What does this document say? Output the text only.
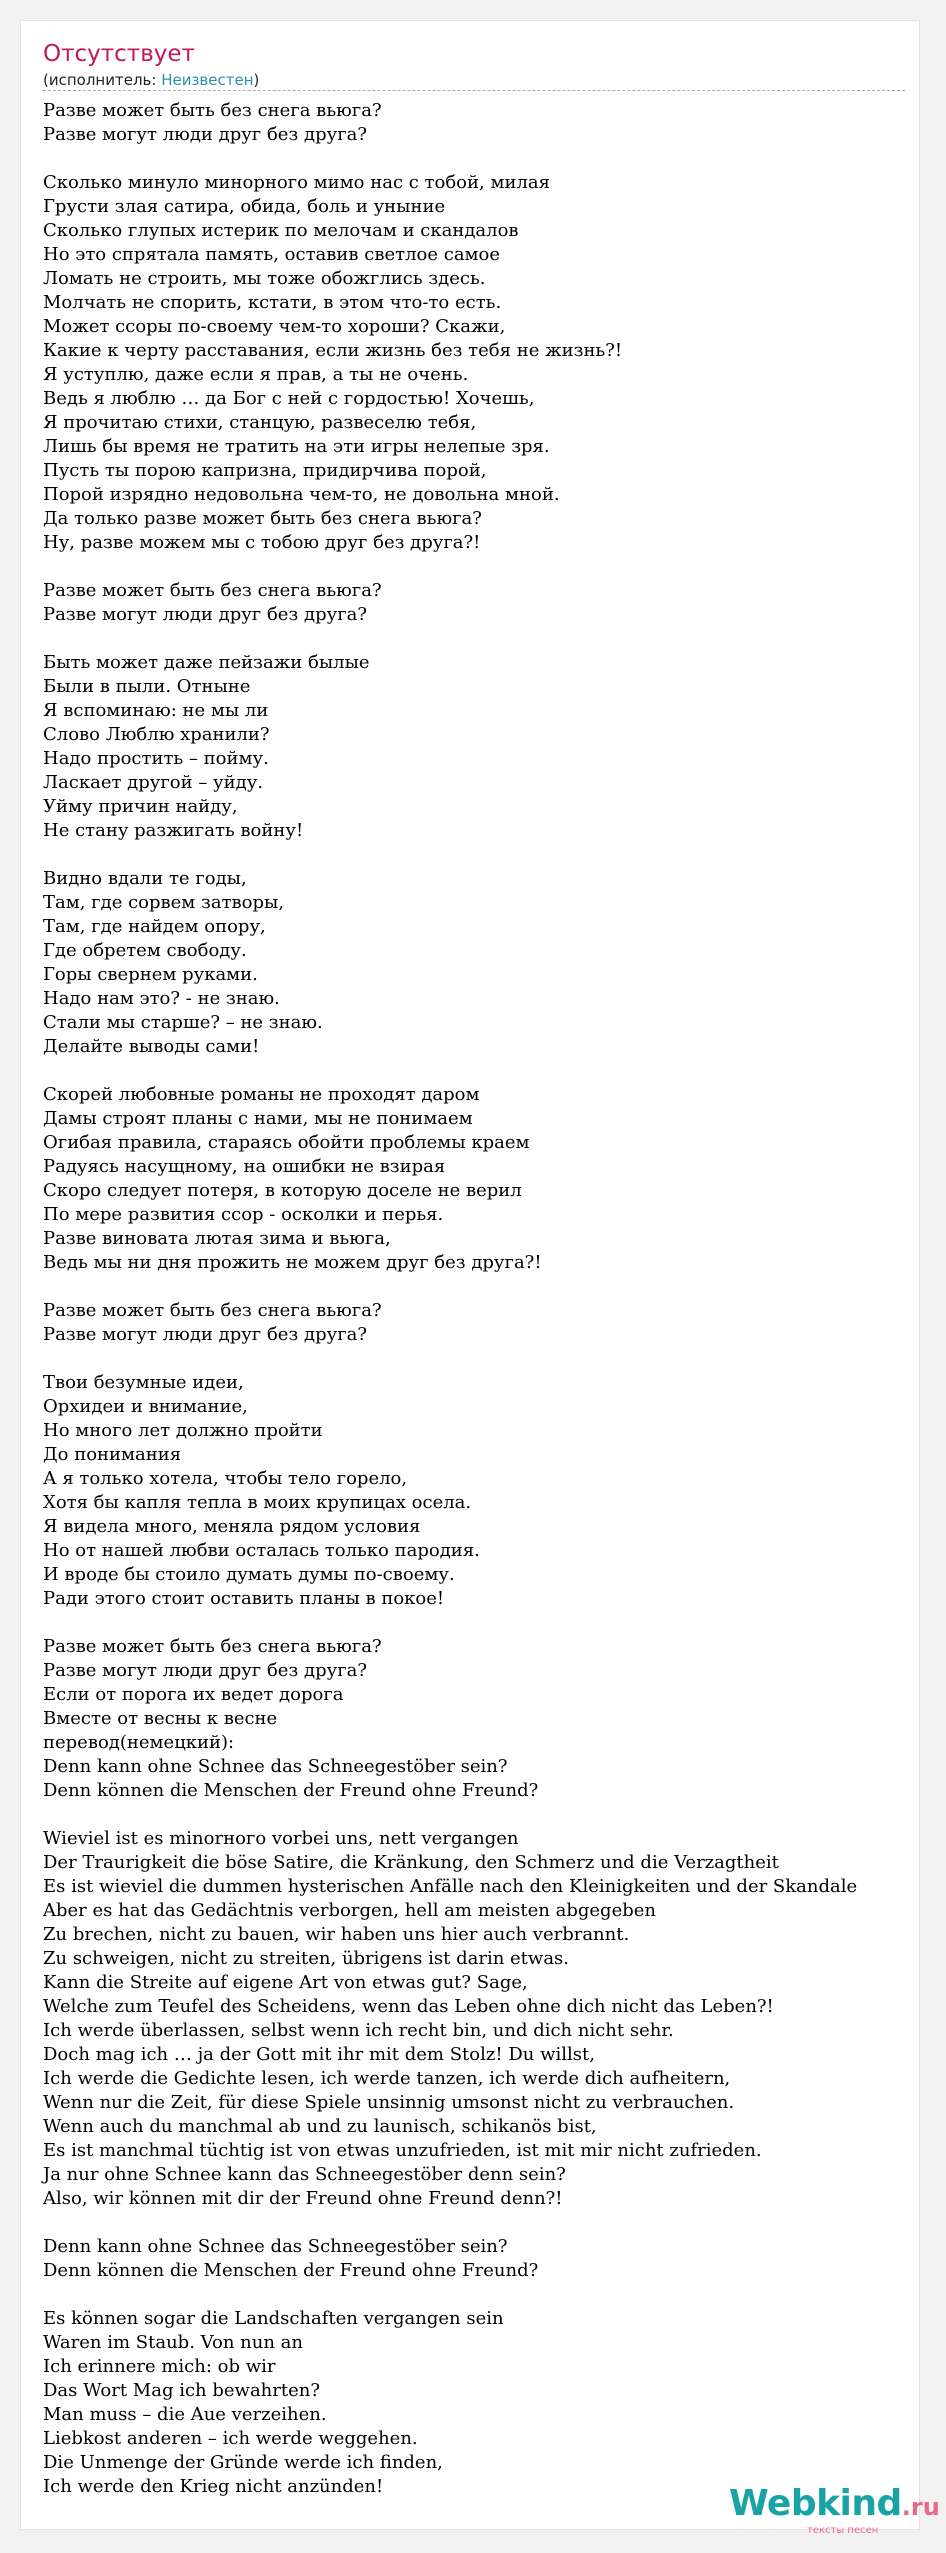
Отсутствует
(исполнитель: Неизвестен)
Разве может быть без снега вьюга?
Разве могут люди друг без друга?

Сколько минуло минорного мимо нас с тобой, милая
Грусти злая сатира, обида, боль и уныние
Сколько глупых истерик по мелочам и скандалов
Но это спрятала память, оставив светлое самое
Ломать не строить, мы тоже обожглись здесь.
Молчать не спорить, кстати, в этом что-то есть.
Может ссоры по-своему чем-то хороши? Скажи,
Какие к черту расставания, если жизнь без тебя не жизнь?!
Я уступлю, даже если я прав, а ты не очень.
Ведь я люблю … да Бог с ней с гордостью! Хочешь,
Я прочитаю стихи, станцую, развеселю тебя,
Лишь бы время не тратить на эти игры нелепые зря.
Пусть ты порою капризна, придирчива порой,
Порой изрядно недовольна чем-то, не довольна мной.
Да только разве может быть без снега вьюга?
Ну, разве можем мы с тобою друг без друга?!

Разве может быть без снега вьюга?
Разве могут люди друг без друга?

Быть может даже пейзажи былые
Были в пыли. Отныне
Я вспоминаю: не мы ли
Слово Люблю хранили?
Надо простить – пойму.
Ласкает другой – уйду.
Уйму причин найду,
Не стану разжигать войну!

Видно вдали те годы,
Там, где сорвем затворы,
Там, где найдем опору,
Где обретем свободу.
Горы свернем руками.
Надо нам это? - не знаю.
Стали мы старше? – не знаю.
Делайте выводы сами!

Скорей любовные романы не проходят даром
Дамы строят планы с нами, мы не понимаем
Огибая правила, стараясь обойти проблемы краем
Радуясь насущному, на ошибки не взирая
Скоро следует потеря, в которую доселе не верил
По мере развития ссор - осколки и перья.
Разве виновата лютая зима и вьюга,
Ведь мы ни дня прожить не можем друг без друга?!

Разве может быть без снега вьюга?
Разве могут люди друг без друга?

Твои безумные идеи,
Орхидеи и внимание,
Но много лет должно пройти
До понимания
А я только хотела, чтобы тело горело,
Хотя бы капля тепла в моих крупицах осела.
Я видела много, меняла рядом условия
Но от нашей любви осталась только пародия.
И вроде бы стоило думать думы по-своему.
Ради этого стоит оставить планы в покое!

Разве может быть без снега вьюга?
Разве могут люди друг без друга?
Если от порога их ведет дорога
Вместе от весны к весне
перевод(немецкий):
Denn kann ohne Schnee das Schneegestöber sein?
Denn können die Menschen der Freund ohne Freund?

Wieviel ist es minorного vorbei uns, nett vergangen
Der Traurigkeit die böse Satire, die Kränkung, den Schmerz und die Verzagtheit
Es ist wieviel die dummen hysterischen Anfälle nach den Kleinigkeiten und der Skandale
Aber es hat das Gedächtnis verborgen, hell am meisten abgegeben
Zu brechen, nicht zu bauen, wir haben uns hier auch verbrannt.
Zu schweigen, nicht zu streiten, übrigens ist darin etwas.
Kann die Streite auf eigene Art von etwas gut? Sage,
Welche zum Teufel des Scheidens, wenn das Leben ohne dich nicht das Leben?!
Ich werde überlassen, selbst wenn ich recht bin, und dich nicht sehr.
Doch mag ich … ja der Gott mit ihr mit dem Stolz! Du willst,
Ich werde die Gedichte lesen, ich werde tanzen, ich werde dich aufheitern,
Wenn nur die Zeit, für diese Spiele unsinnig umsonst nicht zu verbrauchen.
Wenn auch du manchmal ab und zu launisch, schikanös bist,
Es ist manchmal tüchtig ist von etwas unzufrieden, ist mit mir nicht zufrieden.
Ja nur ohne Schnee kann das Schneegestöber denn sein?
Also, wir können mit dir der Freund ohne Freund denn?!

Denn kann ohne Schnee das Schneegestöber sein?
Denn können die Menschen der Freund ohne Freund?

Es können sogar die Landschaften vergangen sein
Waren im Staub. Von nun an
Ich erinnere mich: ob wir
Das Wort Mag ich bewahrten?
Man muss – die Aue verzeihen.
Liebkost anderen – ich werde weggehen.
Die Unmenge der Gründe werde ich finden,
Ich werde den Krieg nicht anzünden!	Webkind.ru
тексты песен
